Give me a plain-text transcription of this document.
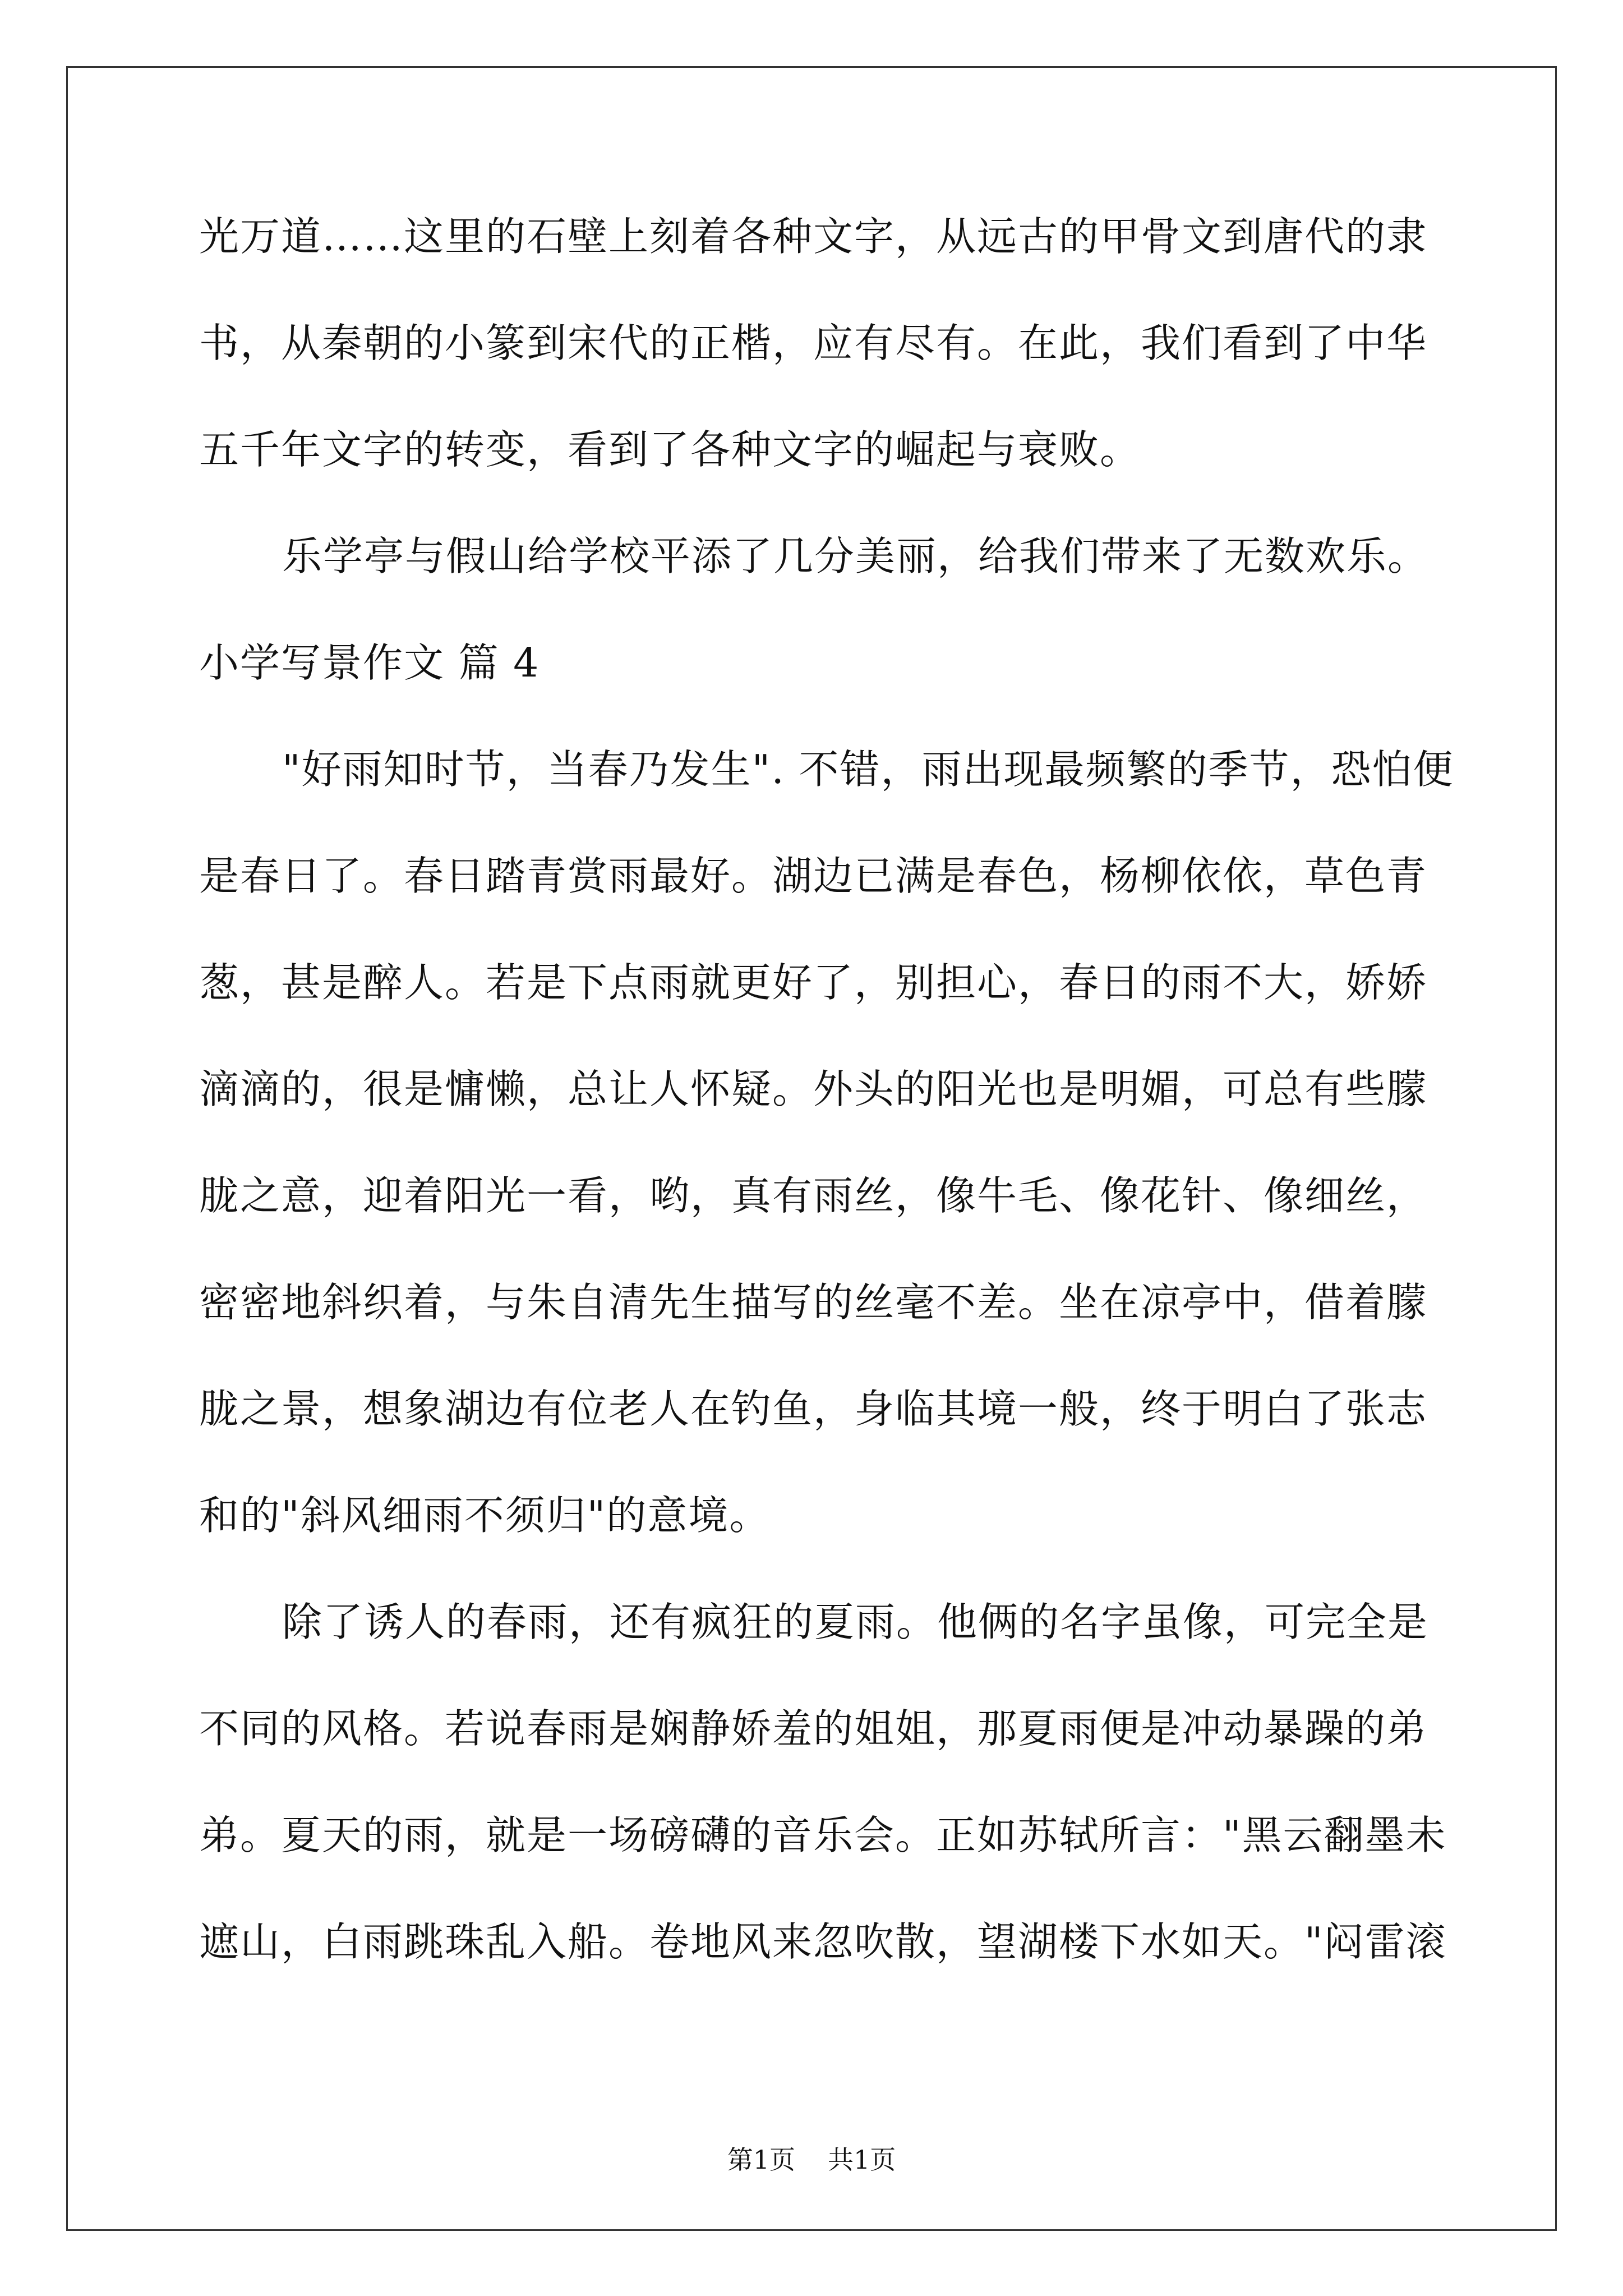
光万道……这里的石壁上刻着各种文字，从远古的甲骨文到唐代的隶
书，从秦朝的小篆到宋代的正楷，应有尽有。在此，我们看到了中华
五千年文字的转变，看到了各种文字的崛起与衰败。
乐学亭与假山给学校平添了几分美丽，给我们带来了无数欢乐。
小学写景作文 篇 4
"好雨知时节，当春乃发生". 不错，雨出现最频繁的季节，恐怕便
是春日了。春日踏青赏雨最好。湖边已满是春色，杨柳依依，草色青
葱，甚是醉人。若是下点雨就更好了，别担心，春日的雨不大，娇娇
滴滴的，很是慵懒，总让人怀疑。外头的阳光也是明媚，可总有些朦
胧之意，迎着阳光一看，哟，真有雨丝，像牛毛、像花针、像细丝，
密密地斜织着，与朱自清先生描写的丝毫不差。坐在凉亭中，借着朦
胧之景，想象湖边有位老人在钓鱼，身临其境一般，终于明白了张志
和的"斜风细雨不须归"的意境。
除了诱人的春雨，还有疯狂的夏雨。他俩的名字虽像，可完全是
不同的风格。若说春雨是娴静娇羞的姐姐，那夏雨便是冲动暴躁的弟
弟。夏天的雨，就是一场磅礴的音乐会。正如苏轼所言："黑云翻墨未
遮山，白雨跳珠乱入船。卷地风来忽吹散，望湖楼下水如天。"闷雷滚
第1页 共1页
